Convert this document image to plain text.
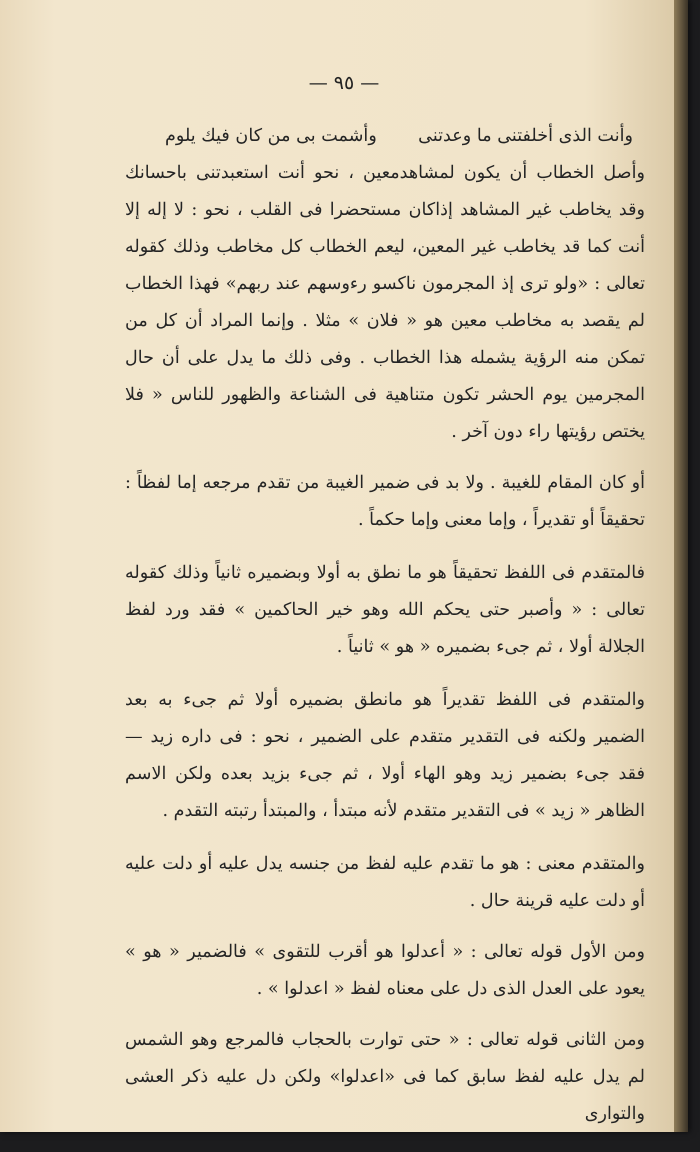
— ٩٥ —

وأنت الذى أخلفتنى ما وعدتنى
وأشمت بى من كان فيك يلوم

وأصل الخطاب أن يكون لمشاهدمعين ، نحو أنت استعبدتنى باحسانك وقد يخاطب غير المشاهد إذاكان مستحضرا فى القلب ، نحو : لا إله إلا أنت كما قد يخاطب غير المعين، ليعم الخطاب كل مخاطب وذلك كقوله تعالى : «ولو ترى إذ المجرمون ناكسو رءوسهم عند ربهم» فهذا الخطاب لم يقصد به مخاطب معين هو « فلان » مثلا . وإنما المراد أن كل من تمكن منه الرؤية يشمله هذا الخطاب . وفى ذلك ما يدل على أن حال المجرمين يوم الحشر تكون متناهية فى الشناعة والظهور للناس « فلا يختص رؤيتها راء دون آخر .

أو كان المقام للغيبة . ولا بد فى ضمير الغيبة من تقدم مرجعه إما لفظاً : تحقيقاً أو تقديراً ، وإما معنى وإما حكماً .

فالمتقدم فى اللفظ تحقيقاً هو ما نطق به أولا وبضميره ثانياً وذلك كقوله تعالى : « وأصبر حتى يحكم الله وهو خير الحاكمين » فقد ورد لفظ الجلالة أولا ، ثم جىء بضميره « هو » ثانياً .

والمتقدم فى اللفظ تقديراً هو مانطق بضميره أولا ثم جىء به بعد الضمير ولكنه فى التقدير متقدم على الضمير ، نحو : فى داره زيد — فقد جىء بضمير زيد وهو الهاء أولا ، ثم جىء بزيد بعده ولكن الاسم الظاهر « زيد » فى التقدير متقدم لأنه مبتدأ ، والمبتدأ رتبته التقدم .

والمتقدم معنى : هو ما تقدم عليه لفظ من جنسه يدل عليه أو دلت عليه أو دلت عليه قرينة حال .

ومن الأول قوله تعالى : « أعدلوا هو أقرب للتقوى » فالضمير « هو » يعود على العدل الذى دل على معناه لفظ « اعدلوا » .

ومن الثانى قوله تعالى : « حتى توارت بالحجاب فالمرجع وهو الشمس لم يدل عليه لفظ سابق كما فى «اعدلوا» ولكن دل عليه ذكر العشى والتوارى
